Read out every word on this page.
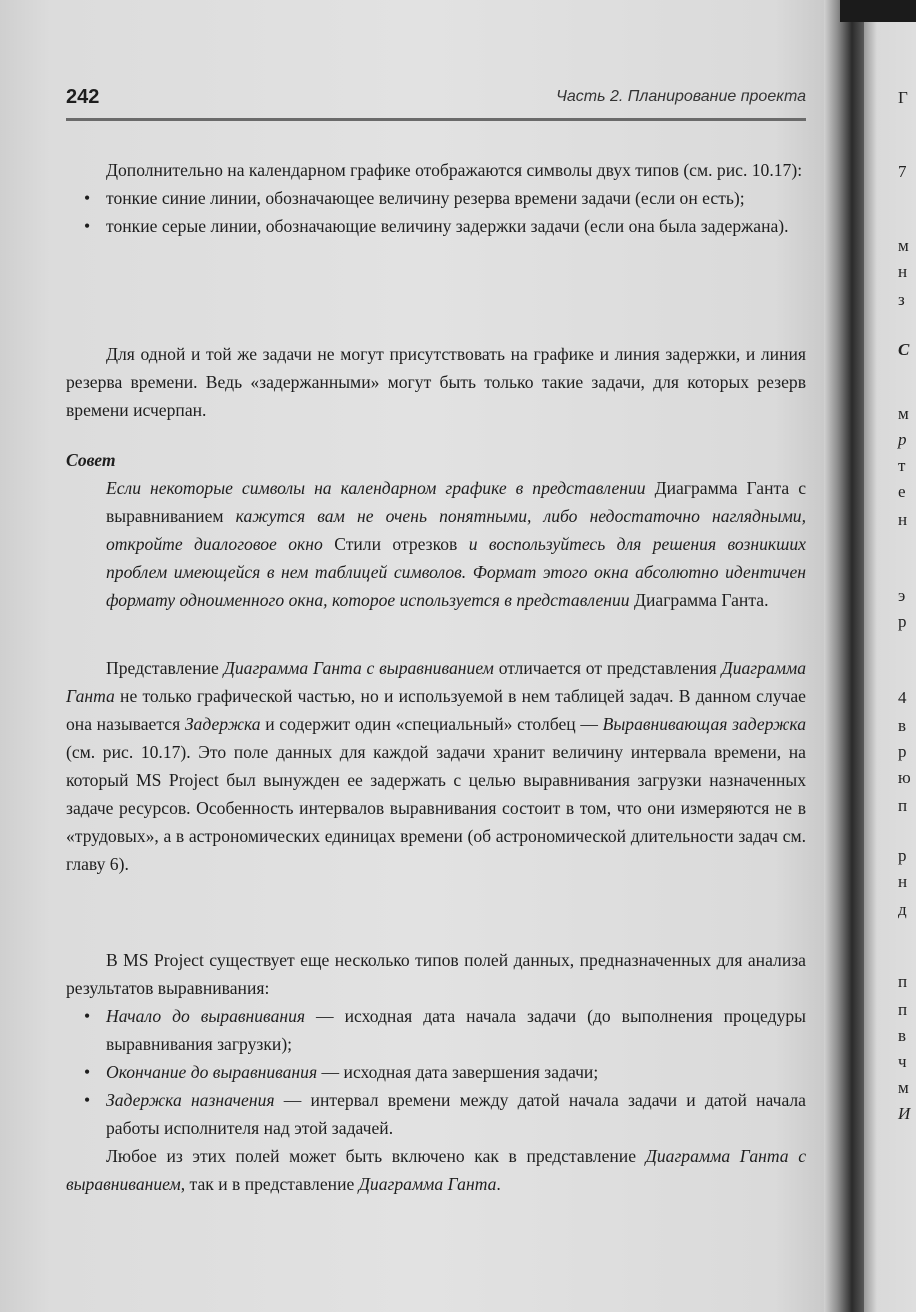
242	Часть 2. Планирование проекта

Дополнительно на календарном графике отображаются символы двух типов (см. рис. 10.17):

• тонкие синие линии, обозначающее величину резерва времени задачи (если он есть);
• тонкие серые линии, обозначающие величину задержки задачи (если она была задержана).

Для одной и той же задачи не могут присутствовать на графике и линия задержки, и линия резерва времени. Ведь «задержанными» могут быть только такие задачи, для которых резерв времени исчерпан.

Совет

Если некоторые символы на календарном графике в представлении Диаграмма Ганта с выравниванием кажутся вам не очень понятными, либо недостаточно наглядными, откройте диалоговое окно Стили отрезков и воспользуйтесь для решения возникших проблем имеющейся в нем таблицей символов. Формат этого окна абсолютно идентичен формату одноименного окна, которое используется в представлении Диаграмма Ганта.

Представление Диаграмма Ганта с выравниванием отличается от представления Диаграмма Ганта не только графической частью, но и используемой в нем таблицей задач. В данном случае она называется Задержка и содержит один «специальный» столбец — Выравнивающая задержка (см. рис. 10.17). Это поле данных для каждой задачи хранит величину интервала времени, на который MS Project был вынужден ее задержать с целью выравнивания загрузки назначенных задаче ресурсов. Особенность интервалов выравнивания состоит в том, что они измеряются не в «трудовых», а в астрономических единицах времени (об астрономической длительности задач см. главу 6).

В MS Project существует еще несколько типов полей данных, предназначенных для анализа результатов выравнивания:

• Начало до выравнивания — исходная дата начала задачи (до выполнения процедуры выравнивания загрузки);
• Окончание до выравнивания — исходная дата завершения задачи;
• Задержка назначения — интервал времени между датой начала задачи и датой начала работы исполнителя над этой задачей.

Любое из этих полей может быть включено как в представление Диаграмма Ганта с выравниванием, так и в представление Диаграмма Ганта.

Г
7
м
н
з
С
м
р
т
е
н
э
р
4
в
р
ю
п
р
н
д
п
п
в
ч
м
И
